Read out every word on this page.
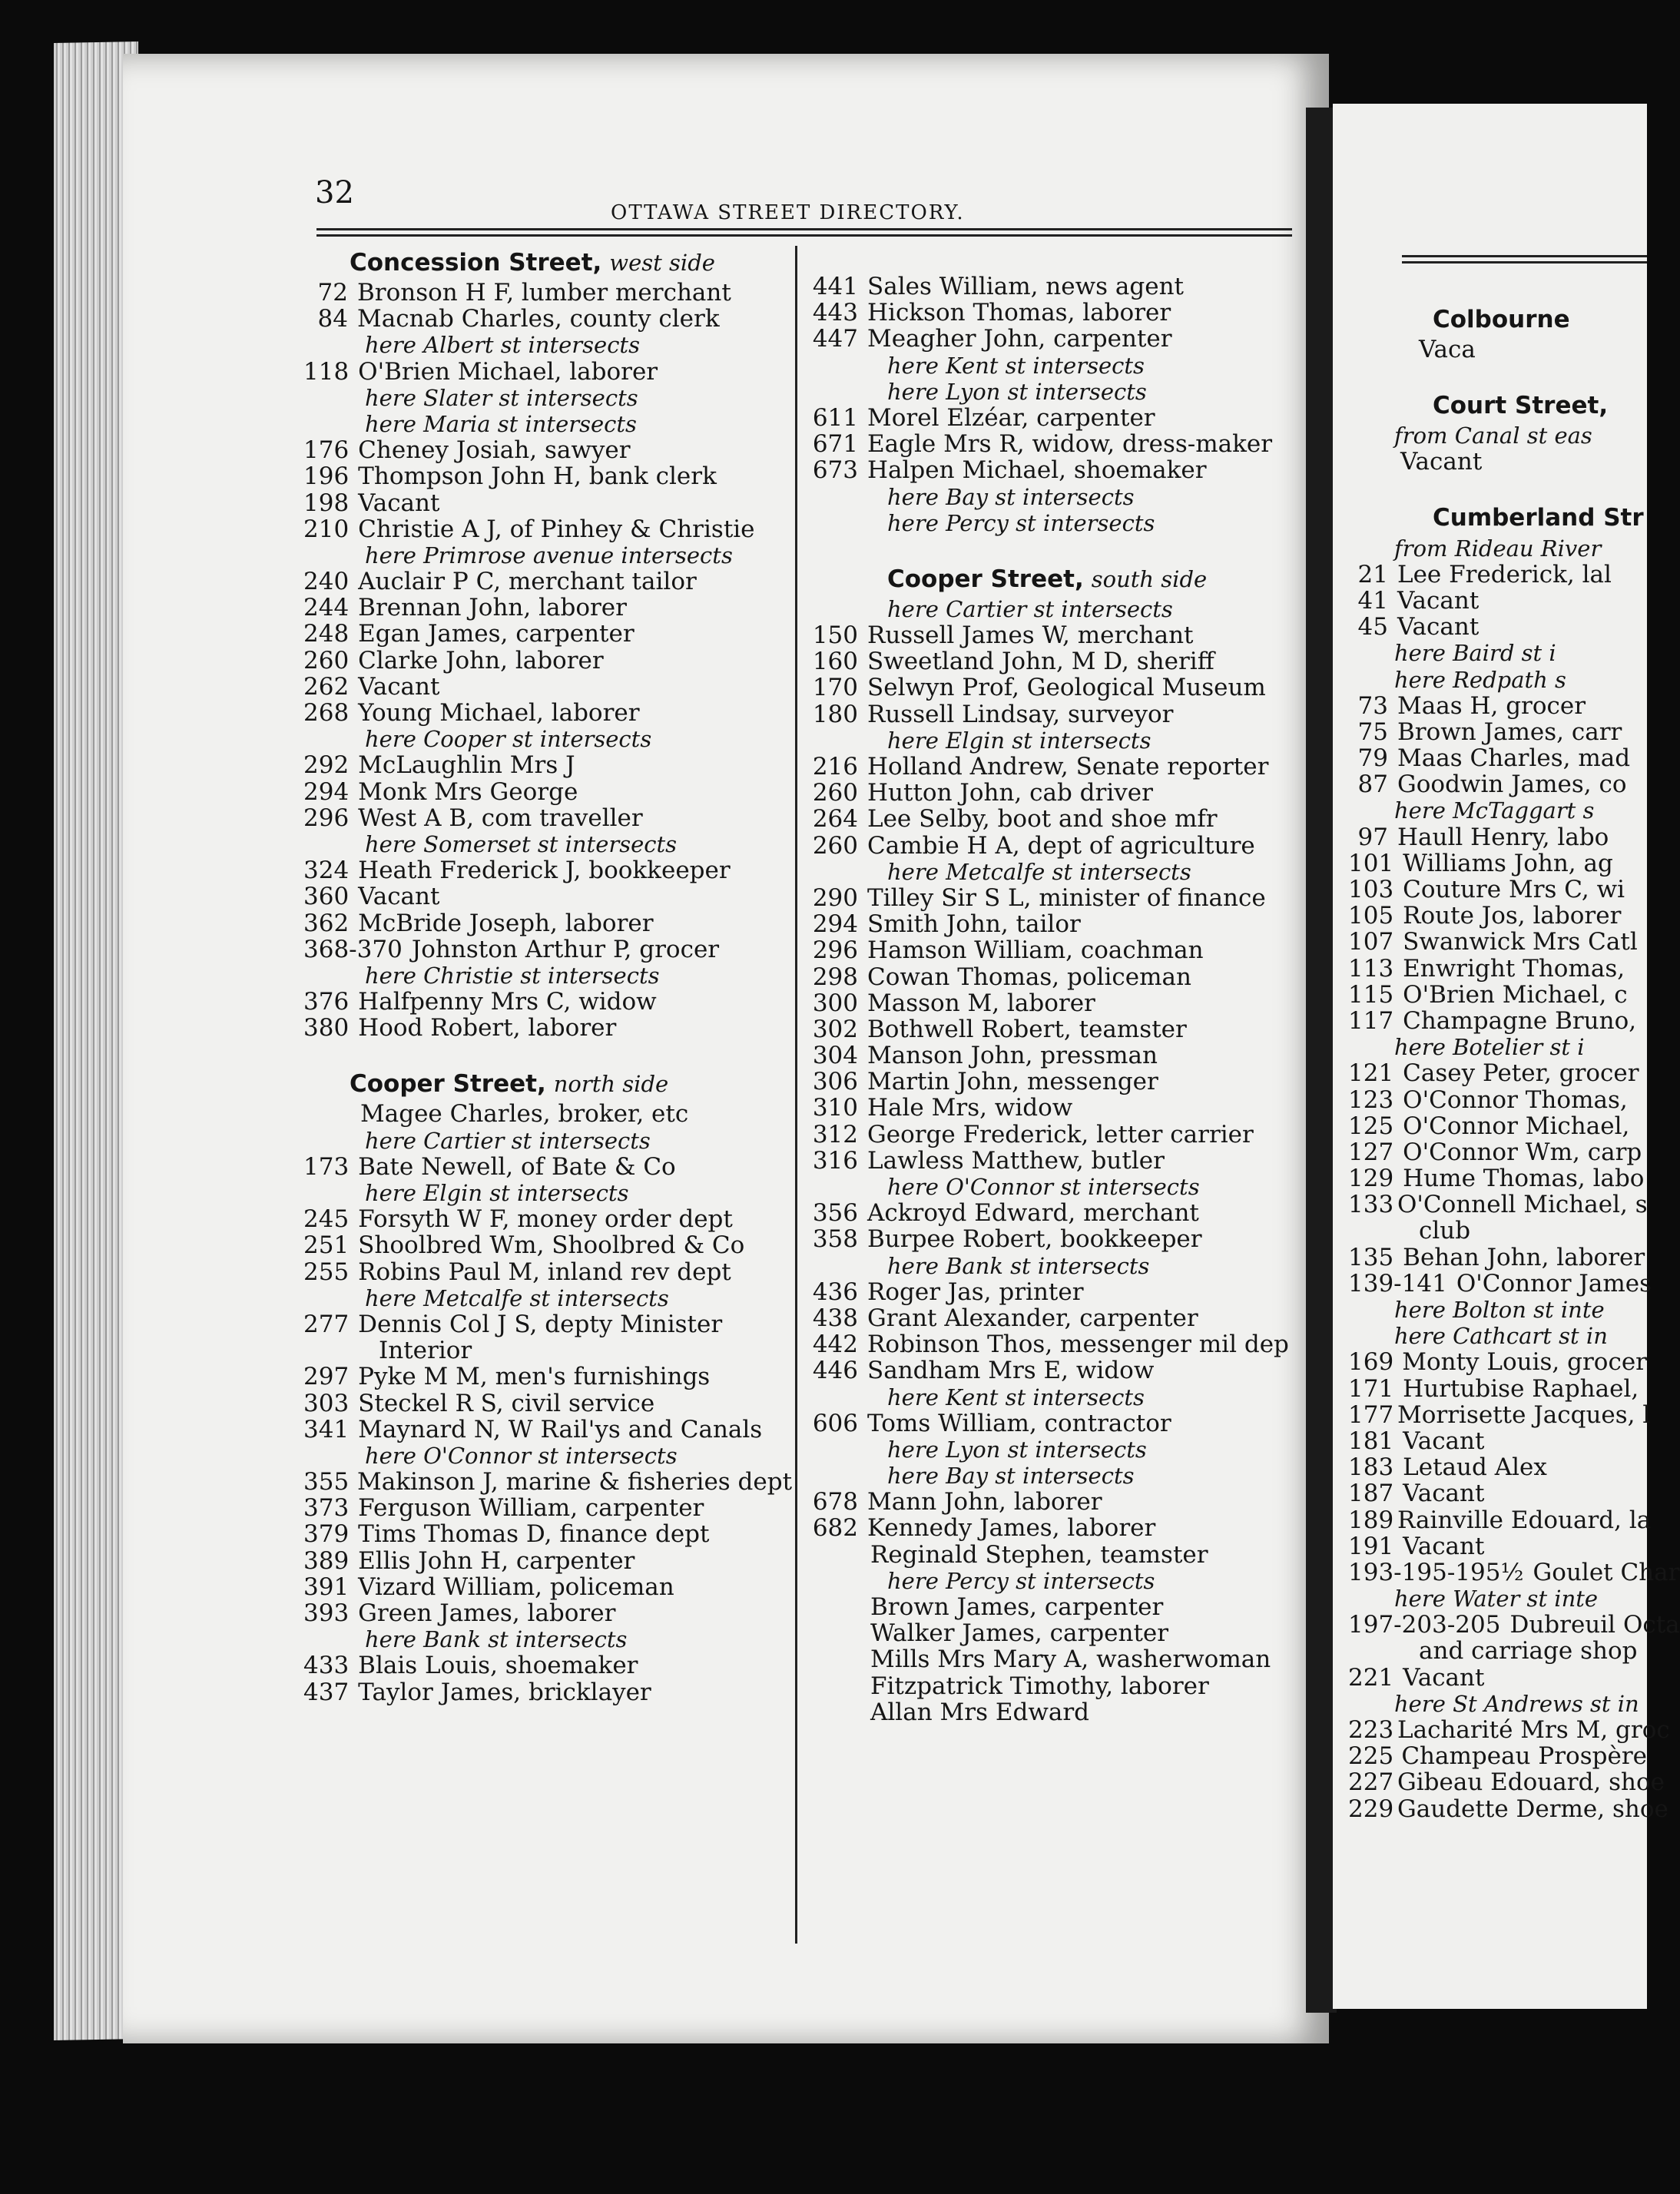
32
OTTAWA STREET DIRECTORY.
Concession Street, west side
72 Bronson H F, lumber merchant
84 Macnab Charles, county clerk
here Albert st intersects
118 O'Brien Michael, laborer
here Slater st intersects
here Maria st intersects
176 Cheney Josiah, sawyer
196 Thompson John H, bank clerk
198 Vacant
210 Christie A J, of Pinhey & Christie
here Primrose avenue intersects
240 Auclair P C, merchant tailor
244 Brennan John, laborer
248 Egan James, carpenter
260 Clarke John, laborer
262 Vacant
268 Young Michael, laborer
here Cooper st intersects
292 McLaughlin Mrs J
294 Monk Mrs George
296 West A B, com traveller
here Somerset st intersects
324 Heath Frederick J, bookkeeper
360 Vacant
362 McBride Joseph, laborer
368-370 Johnston Arthur P, grocer
here Christie st intersects
376 Halfpenny Mrs C, widow
380 Hood Robert, laborer
Cooper Street, north side
Magee Charles, broker, etc
here Cartier st intersects
173 Bate Newell, of Bate & Co
here Elgin st intersects
245 Forsyth W F, money order dept
251 Shoolbred Wm, Shoolbred & Co
255 Robins Paul M, inland rev dept
here Metcalfe st intersects
277 Dennis Col J S, depty Minister
Interior
297 Pyke M M, men's furnishings
303 Steckel R S, civil service
341 Maynard N, W Rail'ys and Canals
here O'Connor st intersects
355 Makinson J, marine & fisheries dept
373 Ferguson William, carpenter
379 Tims Thomas D, finance dept
389 Ellis John H, carpenter
391 Vizard William, policeman
393 Green James, laborer
here Bank st intersects
433 Blais Louis, shoemaker
437 Taylor James, bricklayer
441 Sales William, news agent
443 Hickson Thomas, laborer
447 Meagher John, carpenter
here Kent st intersects
here Lyon st intersects
611 Morel Elzéar, carpenter
671 Eagle Mrs R, widow, dress-maker
673 Halpen Michael, shoemaker
here Bay st intersects
here Percy st intersects
Cooper Street, south side
here Cartier st intersects
150 Russell James W, merchant
160 Sweetland John, M D, sheriff
170 Selwyn Prof, Geological Museum
180 Russell Lindsay, surveyor
here Elgin st intersects
216 Holland Andrew, Senate reporter
260 Hutton John, cab driver
264 Lee Selby, boot and shoe mfr
260 Cambie H A, dept of agriculture
here Metcalfe st intersects
290 Tilley Sir S L, minister of finance
294 Smith John, tailor
296 Hamson William, coachman
298 Cowan Thomas, policeman
300 Masson M, laborer
302 Bothwell Robert, teamster
304 Manson John, pressman
306 Martin John, messenger
310 Hale Mrs, widow
312 George Frederick, letter carrier
316 Lawless Matthew, butler
here O'Connor st intersects
356 Ackroyd Edward, merchant
358 Burpee Robert, bookkeeper
here Bank st intersects
436 Roger Jas, printer
438 Grant Alexander, carpenter
442 Robinson Thos, messenger mil dep
446 Sandham Mrs E, widow
here Kent st intersects
606 Toms William, contractor
here Lyon st intersects
here Bay st intersects
678 Mann John, laborer
682 Kennedy James, laborer
Reginald Stephen, teamster
here Percy st intersects
Brown James, carpenter
Walker James, carpenter
Mills Mrs Mary A, washerwoman
Fitzpatrick Timothy, laborer
Allan Mrs Edward
Colbourne
Vaca
Court Street,
from Canal st eas
Vacant
Cumberland Str
from Rideau River
21 Lee Frederick, lal
41 Vacant
45 Vacant
here Baird st i
here Redpath s
73 Maas H, grocer
75 Brown James, carr
79 Maas Charles, mad
87 Goodwin James, co
here McTaggart s
97 Haull Henry, labo
101 Williams John, ag
103 Couture Mrs C, wi
105 Route Jos, laborer
107 Swanwick Mrs Catl
113 Enwright Thomas,
115 O'Brien Michael, c
117 Champagne Bruno,
here Botelier st i
121 Casey Peter, grocer
123 O'Connor Thomas,
125 O'Connor Michael,
127 O'Connor Wm, carp
129 Hume Thomas, labo
133 O'Connell Michael, s
club
135 Behan John, laborer
139-141 O'Connor James
here Bolton st inte
here Cathcart st in
169 Monty Louis, grocer
171 Hurtubise Raphael,
177 Morrisette Jacques, l
181 Vacant
183 Letaud Alex
187 Vacant
189 Rainville Edouard, la
191 Vacant
193-195-195½ Goulet Char
here Water st inte
197-203-205 Dubreuil Octa
and carriage shop
221 Vacant
here St Andrews st in
223 Lacharité Mrs M, groc
225 Champeau Prospère
227 Gibeau Edouard, shoe
229 Gaudette Derme, shoe
